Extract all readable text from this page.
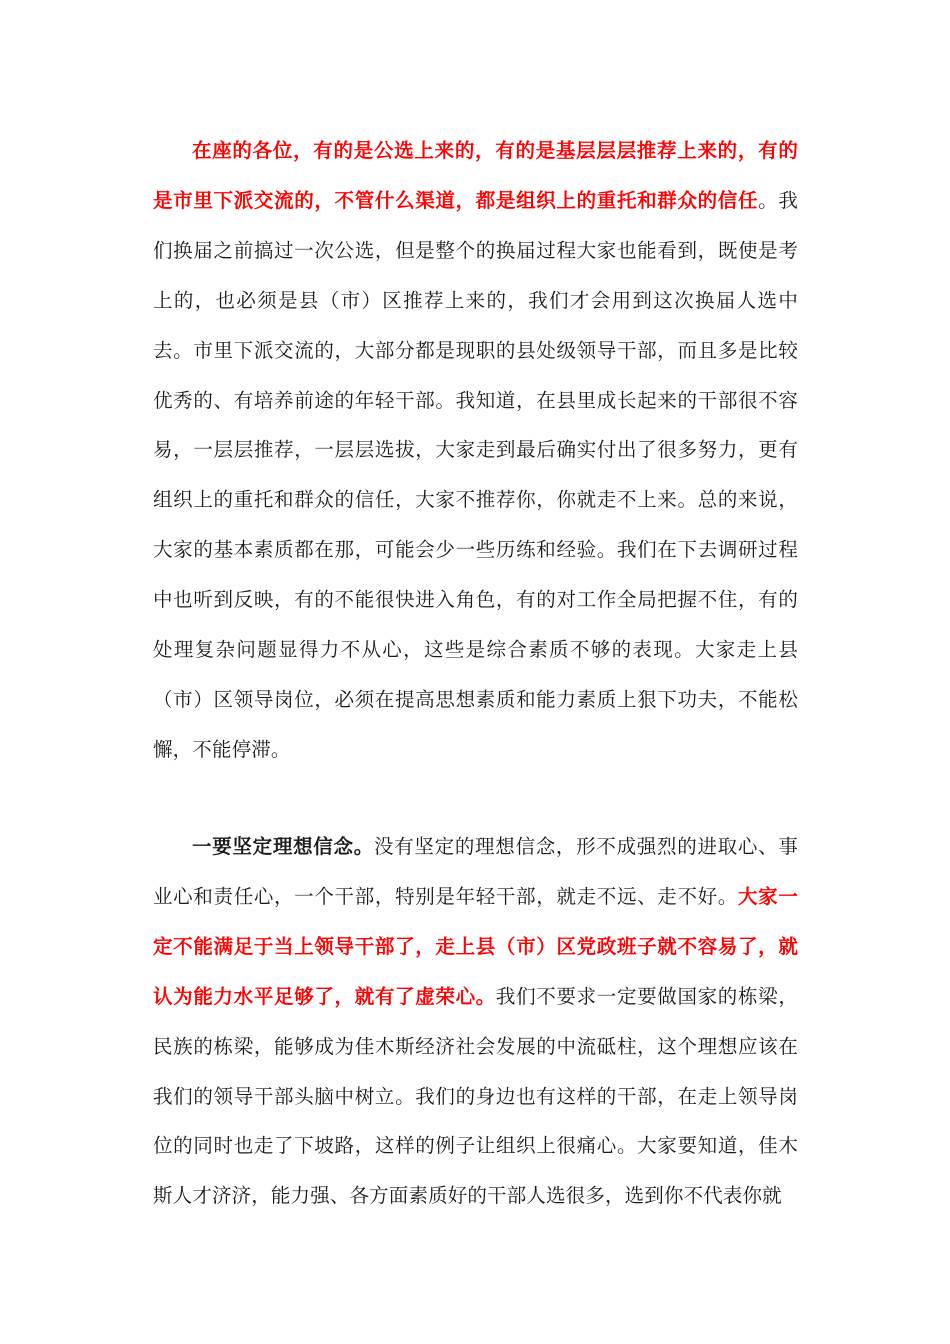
在座的各位，有的是公选上来的，有的是基层层层推荐上来的，有的是市里下派交流的，不管什么渠道，都是组织上的重托和群众的信任。我们换届之前搞过一次公选，但是整个的换届过程大家也能看到，既使是考上的，也必须是县（市）区推荐上来的，我们才会用到这次换届人选中去。市里下派交流的，大部分都是现职的县处级领导干部，而且多是比较优秀的、有培养前途的年轻干部。我知道，在县里成长起来的干部很不容易，一层层推荐，一层层选拔，大家走到最后确实付出了很多努力，更有组织上的重托和群众的信任，大家不推荐你，你就走不上来。总的来说，大家的基本素质都在那，可能会少一些历练和经验。我们在下去调研过程中也听到反映，有的不能很快进入角色，有的对工作全局把握不住，有的处理复杂问题显得力不从心，这些是综合素质不够的表现。大家走上县（市）区领导岗位，必须在提高思想素质和能力素质上狠下功夫，不能松懈，不能停滞。

一要坚定理想信念。没有坚定的理想信念，形不成强烈的进取心、事业心和责任心，一个干部，特别是年轻干部，就走不远、走不好。大家一定不能满足于当上领导干部了，走上县（市）区党政班子就不容易了，就认为能力水平足够了，就有了虚荣心。我们不要求一定要做国家的栋梁，民族的栋梁，能够成为佳木斯经济社会发展的中流砥柱，这个理想应该在我们的领导干部头脑中树立。我们的身边也有这样的干部，在走上领导岗位的同时也走了下坡路，这样的例子让组织上很痛心。大家要知道，佳木斯人才济济，能力强、各方面素质好的干部人选很多，选到你不代表你就
